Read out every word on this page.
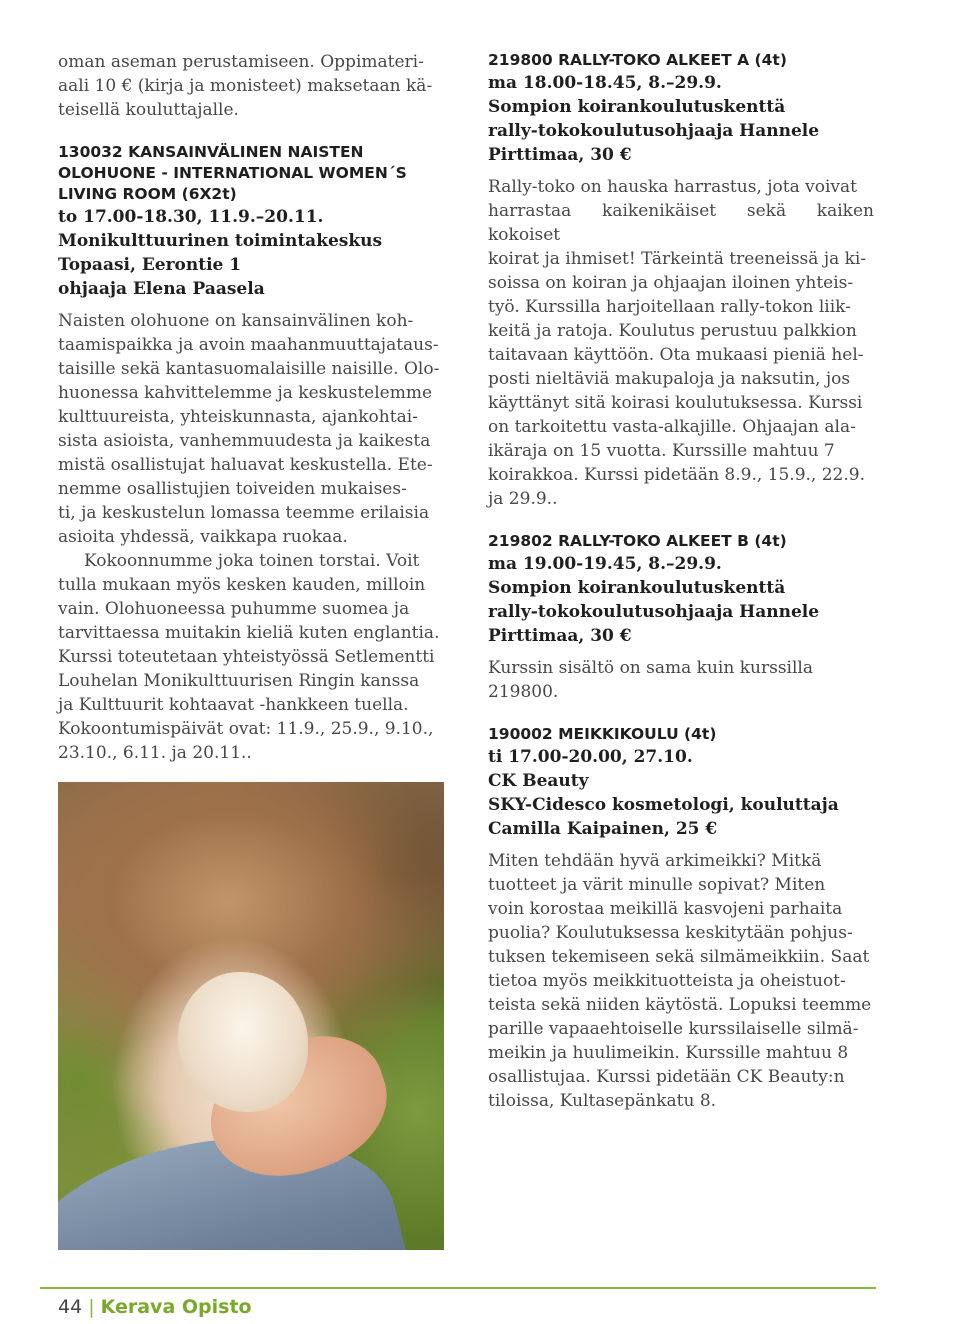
oman aseman perustamiseen. Oppimateri-

aali 10 € (kirja ja monisteet) maksetaan kä-

teisellä kouluttajalle.

130032 KANSAINVÄLINEN NAISTEN
OLOHUONE - INTERNATIONAL WOMEN´S
LIVING ROOM (6X2t)
to 17.00-18.30, 11.9.–20.11.
Monikulttuurinen toimintakeskus
Topaasi, Eerontie 1
ohjaaja Elena Paasela

Naisten olohuone on kansainvälinen koh-

taamispaikka ja avoin maahanmuuttajataus-

taisille sekä kantasuomalaisille naisille. Olo-

huonessa kahvittelemme ja keskustelemme

kulttuureista, yhteiskunnasta, ajankohtai-

sista asioista, vanhemmuudesta ja kaikesta

mistä osallistujat haluavat keskustella. Ete-

nemme osallistujien toiveiden mukaises-

ti, ja keskustelun lomassa teemme erilaisia

asioita yhdessä, vaikkapa ruokaa.

Kokoonnumme joka toinen torstai. Voit

tulla mukaan myös kesken kauden, milloin

vain. Olohuoneessa puhumme suomea ja

tarvittaessa muitakin kieliä kuten englantia.

Kurssi toteutetaan yhteistyössä Setlementti

Louhelan Monikulttuurisen Ringin kanssa

ja Kulttuurit kohtaavat -hankkeen tuella.

Kokoontumispäivät ovat: 11.9., 25.9., 9.10.,

23.10., 6.11. ja 20.11..

219800 RALLY-TOKO ALKEET A (4t)
ma 18.00-18.45, 8.–29.9.
Sompion koirankoulutuskenttä
rally-tokokoulutusohjaaja Hannele
Pirttimaa, 30 €

Rally-toko on hauska harrastus, jota voivat

harrastaa kaikenikäiset sekä kaiken kokoiset

koirat ja ihmiset! Tärkeintä treeneissä ja ki-

soissa on koiran ja ohjaajan iloinen yhteis-

työ. Kurssilla harjoitellaan rally-tokon liik-

keitä ja ratoja. Koulutus perustuu palkkion

taitavaan käyttöön. Ota mukaasi pieniä hel-

posti nieltäviä makupaloja ja naksutin, jos

käyttänyt sitä koirasi koulutuksessa. Kurssi

on tarkoitettu vasta-alkajille. Ohjaajan ala-

ikäraja on 15 vuotta. Kurssille mahtuu 7

koirakkoa. Kurssi pidetään 8.9., 15.9., 22.9.

ja 29.9..

219802 RALLY-TOKO ALKEET B (4t)
ma 19.00-19.45, 8.–29.9.
Sompion koirankoulutuskenttä
rally-tokokoulutusohjaaja Hannele
Pirttimaa, 30 €

Kurssin sisältö on sama kuin kurssilla

219800.

190002 MEIKKIKOULU (4t)
ti 17.00-20.00, 27.10.
CK Beauty
SKY-Cidesco kosmetologi, kouluttaja
Camilla Kaipainen, 25 €

Miten tehdään hyvä arkimeikki? Mitkä

tuotteet ja värit minulle sopivat? Miten

voin korostaa meikillä kasvojeni parhaita

puolia? Koulutuksessa keskitytään pohjus-

tuksen tekemiseen sekä silmämeikkiin. Saat

tietoa myös meikkituotteista ja oheistuot-

teista sekä niiden käytöstä. Lopuksi teemme

parille vapaaehtoiselle kurssilaiselle silmä-

meikin ja huulimeikin. Kurssille mahtuu 8

osallistujaa. Kurssi pidetään CK Beauty:n

tiloissa, Kultasepänkatu 8.

44 | Kerava Opisto
